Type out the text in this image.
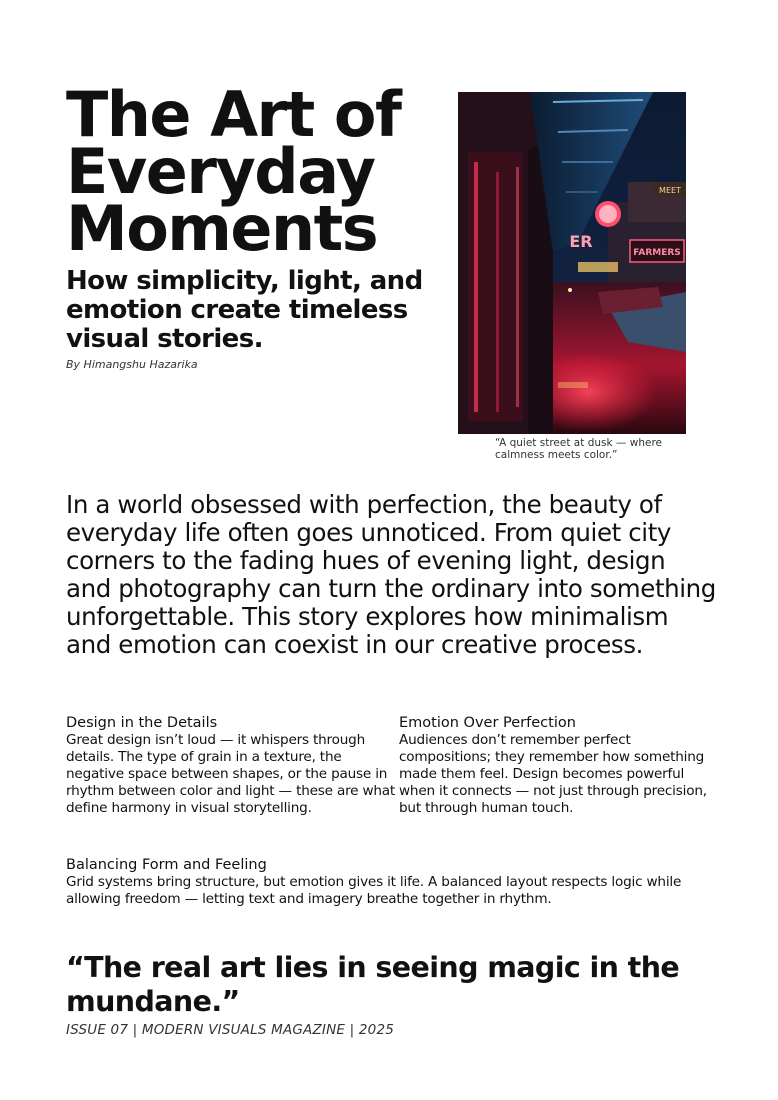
The Art of Everyday Moments
How simplicity, light, and emotion create timeless visual stories.
By Himangshu Hazarika
FARMERS
MEET
ER
“A quiet street at dusk — where calmness meets color.”

In a world obsessed with perfection, the beauty of everyday life often goes unnoticed. From quiet city corners to the fading hues of evening light, design and photography can turn the ordinary into something unforgettable. This story explores how minimalism and emotion can coexist in our creative process.

Design in the Details

Great design isn’t loud — it whispers through details. The type of grain in a texture, the negative space between shapes, or the pause in rhythm between color and light — these are what define harmony in visual storytelling.

Emotion Over Perfection

Audiences don’t remember perfect compositions; they remember how something made them feel. Design becomes powerful when it connects — not just through precision, but through human touch.

Balancing Form and Feeling

Grid systems bring structure, but emotion gives it life. A balanced layout respects logic while allowing freedom — letting text and imagery breathe together in rhythm.

“The real art lies in seeing magic in the mundane.”

ISSUE 07 | MODERN VISUALS MAGAZINE | 2025
